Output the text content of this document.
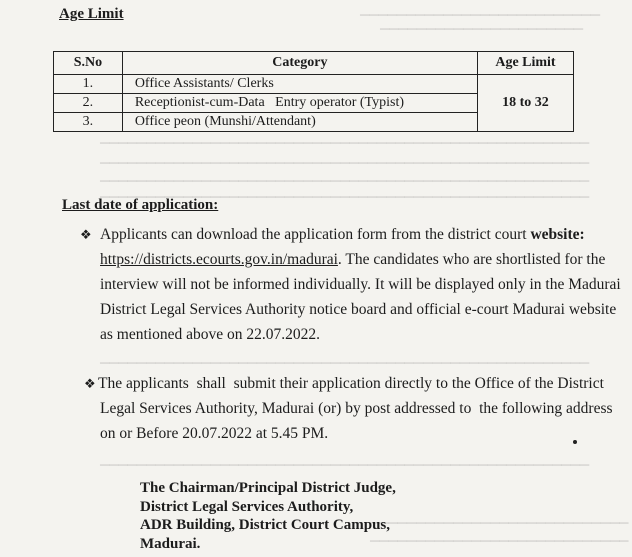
▁▁▁▁▁▁▁▁▁▁▁▁▁▁▁▁▁▁▁▁▁▁▁▁▁▁
▁▁▁▁▁▁▁▁▁▁▁▁▁▁▁▁▁▁▁▁▁▁
▁▁▁▁▁▁▁▁▁▁▁▁▁▁▁▁▁▁▁▁▁▁▁▁▁▁▁▁▁▁▁▁▁▁▁▁▁▁▁▁▁▁▁▁▁▁▁▁▁▁▁▁▁
▁▁▁▁▁▁▁▁▁▁▁▁▁▁▁▁▁▁▁▁▁▁▁▁▁▁▁▁▁▁▁▁▁▁▁▁▁▁▁▁▁▁▁▁▁▁▁▁▁▁▁▁▁
▁▁▁▁▁▁▁▁▁▁▁▁▁▁▁▁▁▁▁▁▁▁▁▁▁▁▁▁▁▁▁▁▁▁▁▁▁▁▁▁▁▁▁▁▁▁▁▁▁▁▁▁▁
▁▁▁▁▁▁▁▁▁▁▁▁▁▁▁▁▁▁▁▁▁▁▁▁▁▁▁▁▁▁▁▁▁▁▁▁▁▁▁▁▁▁▁▁▁▁▁▁▁▁▁▁▁
▁▁▁▁▁▁▁▁▁▁▁▁▁▁▁▁▁▁▁▁▁▁▁▁▁▁▁▁▁▁▁▁▁▁▁▁▁▁▁▁▁▁▁▁▁▁▁▁▁▁▁▁▁
▁▁▁▁▁▁▁▁▁▁▁▁▁▁▁▁▁▁▁▁▁▁▁▁▁▁▁▁▁▁▁▁▁▁▁▁▁▁▁▁▁▁▁▁▁▁▁▁▁▁▁▁▁
▁▁▁▁▁▁▁▁▁▁▁▁▁▁▁▁▁▁▁▁▁▁▁▁▁▁▁▁
▁▁▁▁▁▁▁▁▁▁▁▁▁▁▁▁▁▁▁▁▁▁▁▁▁▁▁▁
Age Limit
S.No	Category	Age Limit
1.	Office Assistants/ Clerks	18 to 32
2.	Receptionist-cum-Data   Entry operator (Typist)	
3.	Office peon (Munshi/Attendant)	
Last date of application:
❖ Applicants can download the application form from the district court website:
https://districts.ecourts.gov.in/madurai. The candidates who are shortlisted for the
interview will not be informed individually. It will be displayed only in the Madurai
District Legal Services Authority notice board and official e-court Madurai website
as mentioned above on 22.07.2022.
❖ The applicants  shall  submit their application directly to the Office of the District
Legal Services Authority, Madurai (or) by post addressed to  the following address
on or Before 20.07.2022 at 5.45 PM.
The Chairman/Principal District Judge,
District Legal Services Authority,
ADR Building, District Court Campus,
Madurai.
